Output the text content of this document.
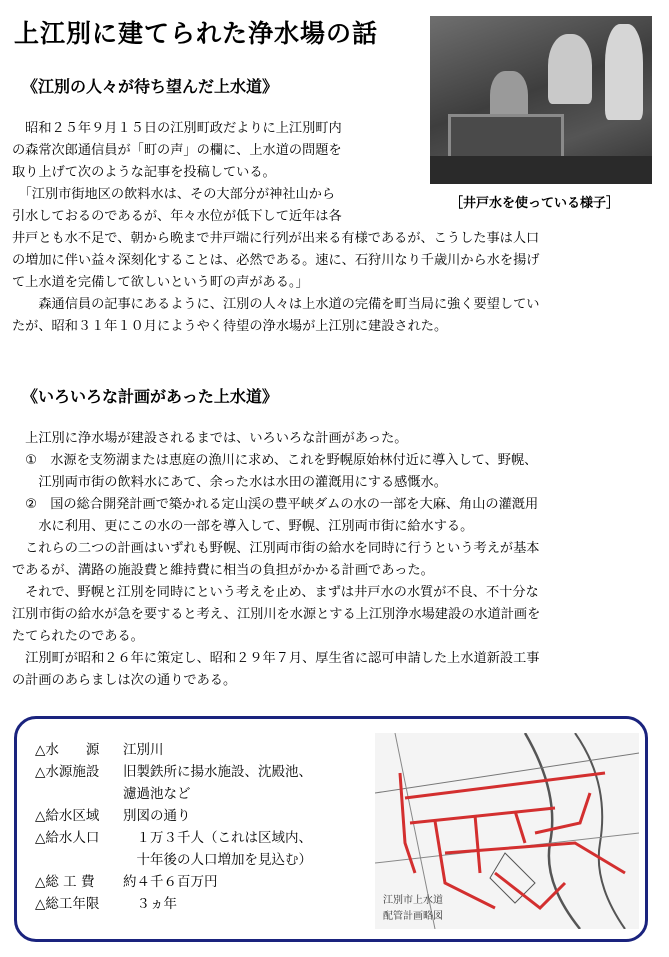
上江別に建てられた浄水場の話
［井戸水を使っている様子］
《江別の人々が待ち望んだ上水道》

　昭和２５年９月１５日の江別町政だよりに上江別町内
の森常次郎通信員が「町の声」の欄に、上水道の問題を
取り上げて次のような記事を投稿している。
　「江別市街地区の飲料水は、その大部分が神社山から
引水しておるのであるが、年々水位が低下して近年は各

井戸とも水不足で、朝から晩まで井戸端に行列が出来る有様であるが、こうした事は人口
の増加に伴い益々深刻化することは、必然である。速に、石狩川なり千歳川から水を揚げ
て上水道を完備して欲しいという町の声がある。」
　　森通信員の記事にあるように、江別の人々は上水道の完備を町当局に強く要望してい
たが、昭和３１年１０月にようやく待望の浄水場が上江別に建設された。

《いろいろな計画があった上水道》

　上江別に浄水場が建設されるまでは、いろいろな計画があった。
　①　水源を支笏湖または恵庭の漁川に求め、これを野幌原始林付近に導入して、野幌、
　　江別両市街の飲料水にあて、余った水は水田の灌漑用にする感慨水。
　②　国の総合開発計画で築かれる定山渓の豊平峡ダムの水の一部を大麻、角山の灌漑用
　　水に利用、更にこの水の一部を導入して、野幌、江別両市街に給水する。
　これらの二つの計画はいずれも野幌、江別両市街の給水を同時に行うという考えが基本
であるが、溝路の施設費と維持費に相当の負担がかかる計画であった。
　それで、野幌と江別を同時にという考えを止め、まずは井戸水の水質が不良、不十分な
江別市街の給水が急を要すると考え、江別川を水源とする上江別浄水場建設の水道計画を
たてられたのである。
　江別町が昭和２６年に策定し、昭和２９年７月、厚生省に認可申請した上水道新設工事
の計画のあらましは次の通りである。

△水　　源	江別川
△水源施設	旧製鉄所に揚水施設、沈殿池、
濾過池など
△給水区域	別図の通り
△給水人口	　１万３千人（これは区域内、
　十年後の人口増加を見込む）
△総 工 費	約４千６百万円
△総工年限	　３ヵ年	江別市上水道
配管計画略図
